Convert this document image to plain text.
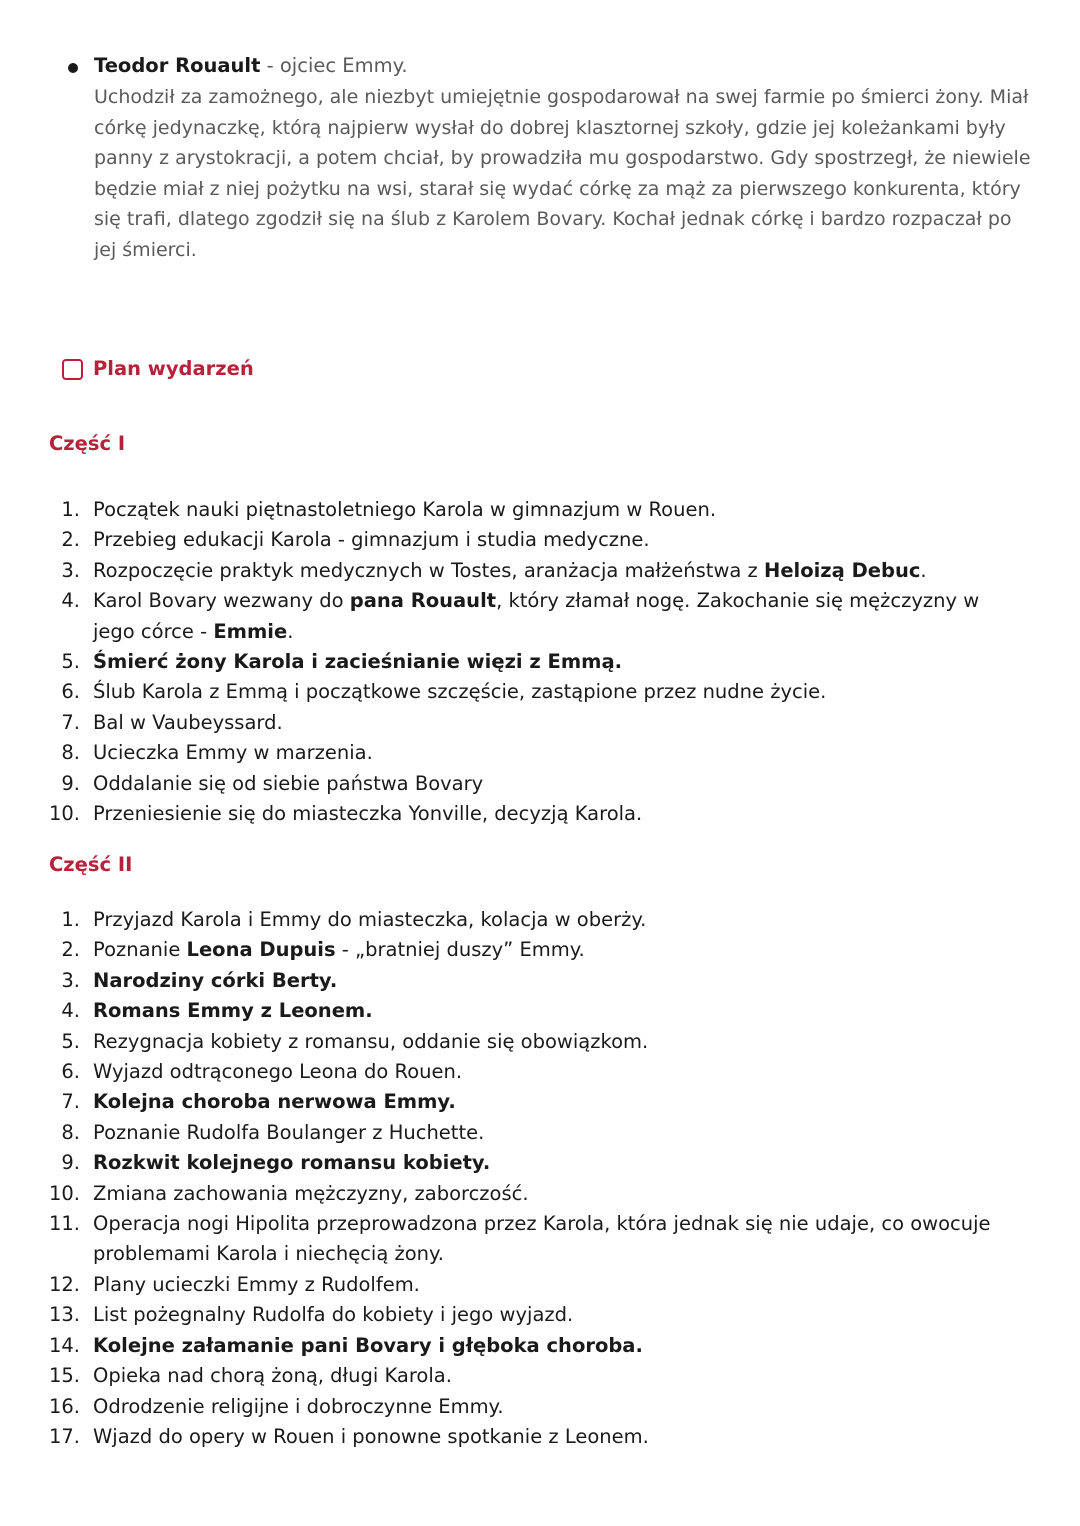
Teodor Rouault - ojciec Emmy.
Uchodził za zamożnego, ale niezbyt umiejętnie gospodarował na swej farmie po śmierci żony. Miał córkę jedynaczkę, którą najpierw wysłał do dobrej klasztornej szkoły, gdzie jej koleżankami były panny z arystokracji, a potem chciał, by prowadziła mu gospodarstwo. Gdy spostrzegł, że niewiele będzie miał z niej pożytku na wsi, starał się wydać córkę za mąż za pierwszego konkurenta, który się trafi, dlatego zgodził się na ślub z Karolem Bovary. Kochał jednak córkę i bardzo rozpaczał po jej śmierci.
Plan wydarzeń
Część I
1. Początek nauki piętnastoletniego Karola w gimnazjum w Rouen.
2. Przebieg edukacji Karola - gimnazjum i studia medyczne.
3. Rozpoczęcie praktyk medycznych w Tostes, aranżacja małżeństwa z Heloizą Debuc.
4. Karol Bovary wezwany do pana Rouault, który złamał nogę. Zakochanie się mężczyzny w jego córce - Emmie.
5. Śmierć żony Karola i zacieśnianie więzi z Emmą.
6. Ślub Karola z Emmą i początkowe szczęście, zastąpione przez nudne życie.
7. Bal w Vaubeyssard.
8. Ucieczka Emmy w marzenia.
9. Oddalanie się od siebie państwa Bovary
10. Przeniesienie się do miasteczka Yonville, decyzją Karola.
Część II
1. Przyjazd Karola i Emmy do miasteczka, kolacja w oberży.
2. Poznanie Leona Dupuis - „bratniej duszy” Emmy.
3. Narodziny córki Berty.
4. Romans Emmy z Leonem.
5. Rezygnacja kobiety z romansu, oddanie się obowiązkom.
6. Wyjazd odtrąconego Leona do Rouen.
7. Kolejna choroba nerwowa Emmy.
8. Poznanie Rudolfa Boulanger z Huchette.
9. Rozkwit kolejnego romansu kobiety.
10. Zmiana zachowania mężczyzny, zaborczość.
11. Operacja nogi Hipolita przeprowadzona przez Karola, która jednak się nie udaje, co owocuje problemami Karola i niechęcią żony.
12. Plany ucieczki Emmy z Rudolfem.
13. List pożegnalny Rudolfa do kobiety i jego wyjazd.
14. Kolejne załamanie pani Bovary i głęboka choroba.
15. Opieka nad chorą żoną, długi Karola.
16. Odrodzenie religijne i dobroczynne Emmy.
17. Wjazd do opery w Rouen i ponowne spotkanie z Leonem.
